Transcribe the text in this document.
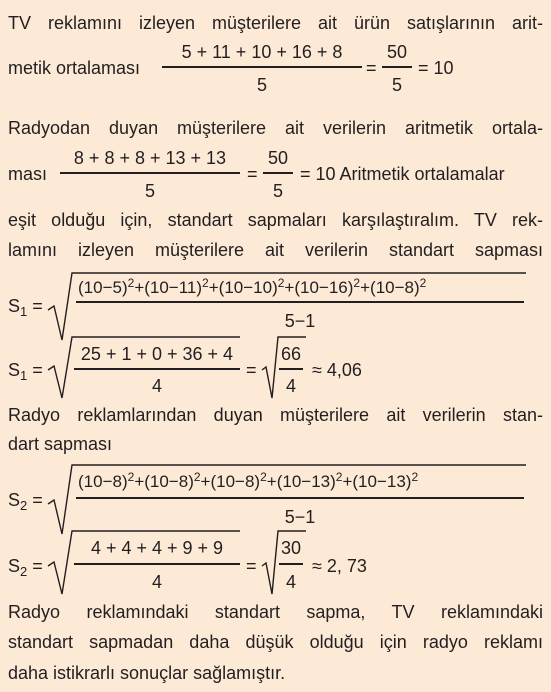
TV reklamını izleyen müşterilere ait ürün satışlarının arit-
metik ortalaması
5 + 11 + 10 + 16 + 8
5
=
50
5
= 10
Radyodan duyan müşterilere ait verilerin aritmetik ortala-
ması
8 + 8 + 8 + 13 + 13
5
=
50
5
= 10 Aritmetik ortalamalar
eşit olduğu için, standart sapmaları karşılaştıralım. TV rek-
lamını izleyen müşterilere ait verilerin standart sapması
$S_1$ =
$(10-5)^2+(10-11)^2+(10-10)^2+(10-16)^2+(10-8)^2$
5−1
$S_1$ =
25 + 1 + 0 + 36 + 4
4
=
66
4
≈ 4,06
Radyo reklamlarından duyan müşterilere ait verilerin stan-
dart sapması
$S_2$ =
$(10-8)^2+(10-8)^2+(10-8)^2+(10-13)^2+(10-13)^2$
5−1
$S_2$ =
4 + 4 + 4 + 9 + 9
4
=
30
4
≈ 2, 73
Radyo reklamındaki standart sapma, TV reklamındaki
standart sapmadan daha düşük olduğu için radyo reklamı
daha istikrarlı sonuçlar sağlamıştır.
